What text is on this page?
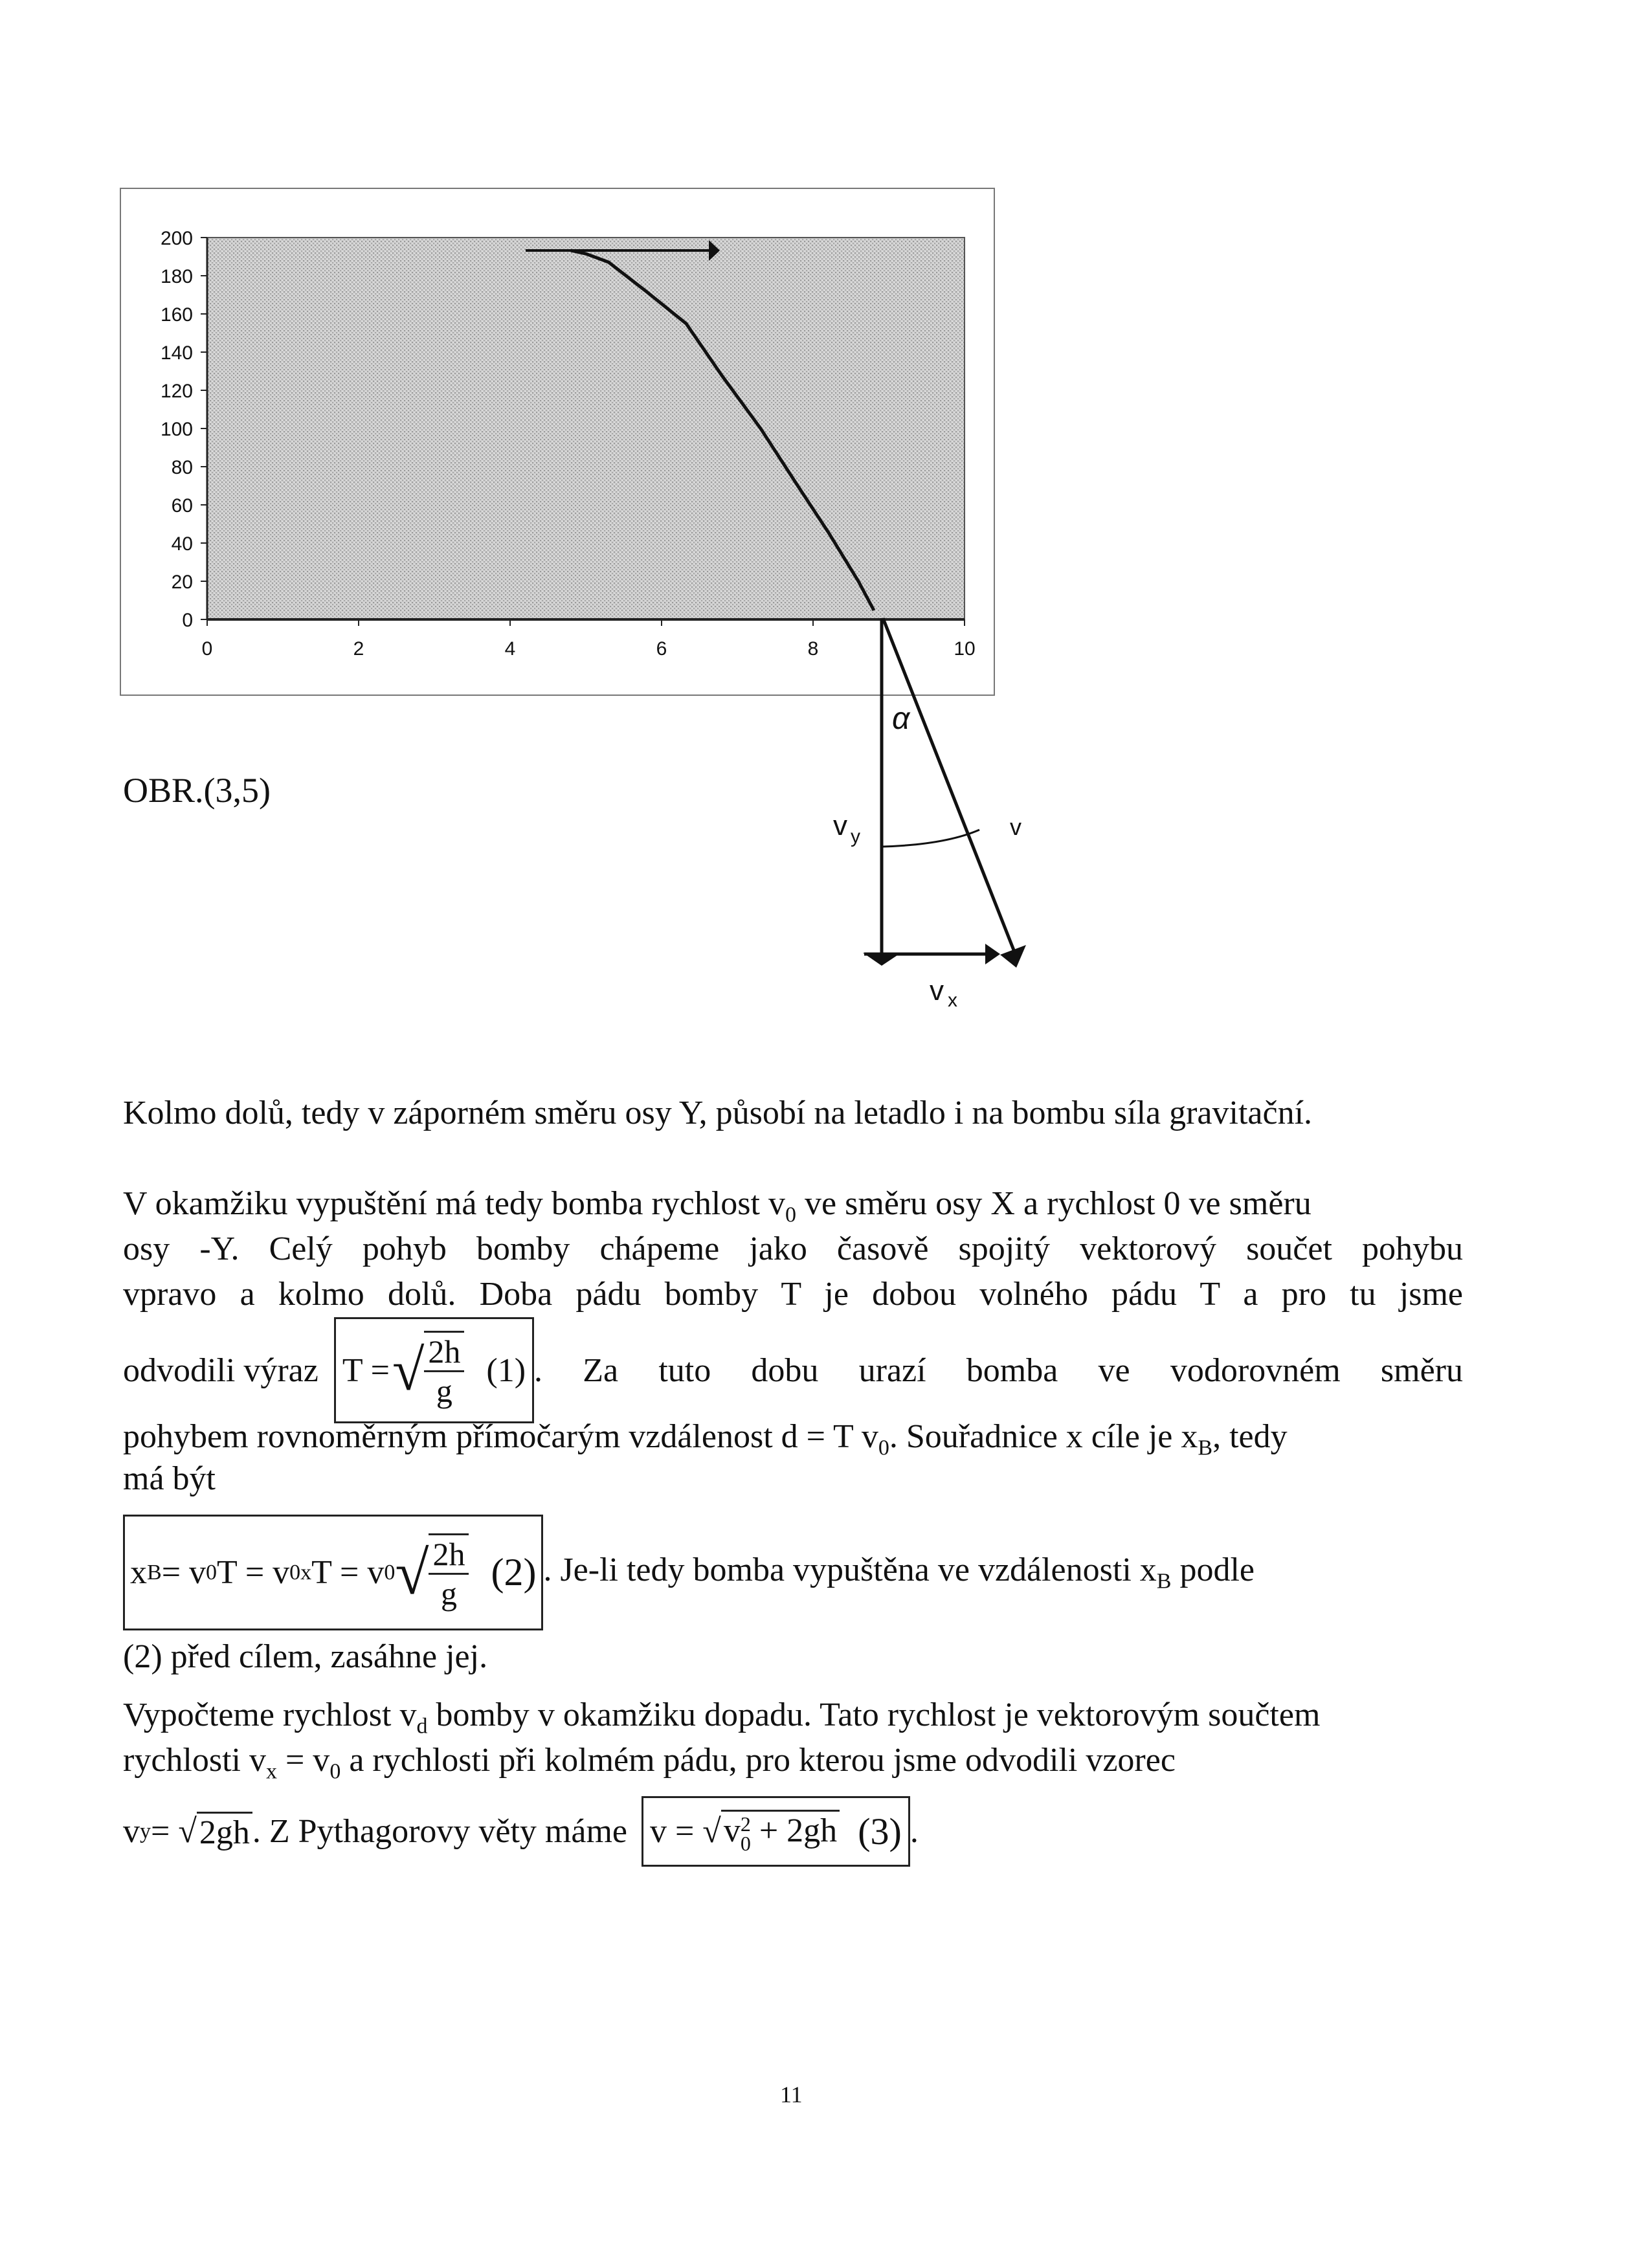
200
180
160
140
120
100
80
60
40
20
0
0	2	4	6	8	10
α
v y	v
v x
OBR.(3,5)
Kolmo dolů, tedy v záporném směru osy Y, působí na letadlo i na bombu síla gravitační.
V okamžiku vypuštění má tedy bomba rychlost $v_0$ ve směru osy X a rychlost 0 ve směru
osy -Y. Celý pohyb bomby chápeme jako časově spojitý vektorový součet pohybu
vpravo a kolmo dolů. Doba pádu bomby T je dobou volného pádu T a pro tu jsme
odvodili výraz T = √ $\frac{2h}{g} (1)$ . Za tuto dobu urazí bomba ve vodorovném směru
pohybem rovnoměrným přímočarým vzdálenost d = T $v_0$. Souřadnice x cíle je $x_B$, tedy
má být
x B = v 0 T = v 0x T = v 0 √ $\frac{2h}{g} (2)$ . Je-li tedy bomba vypuštěna ve vzdálenosti $x_B$ podle
(2) před cílem, zasáhne jej.
Vypočteme rychlost $v_d$ bomby v okamžiku dopadu. Tato rychlost je vektorovým součtem
rychlosti $v_x = v_0$ a rychlosti při kolmém pádu, pro kterou jsme odvodili vzorec
v y = √ 2gh . Z Pythagorovy věty máme v = √ v 2
0 + 2gh (3) .
11
